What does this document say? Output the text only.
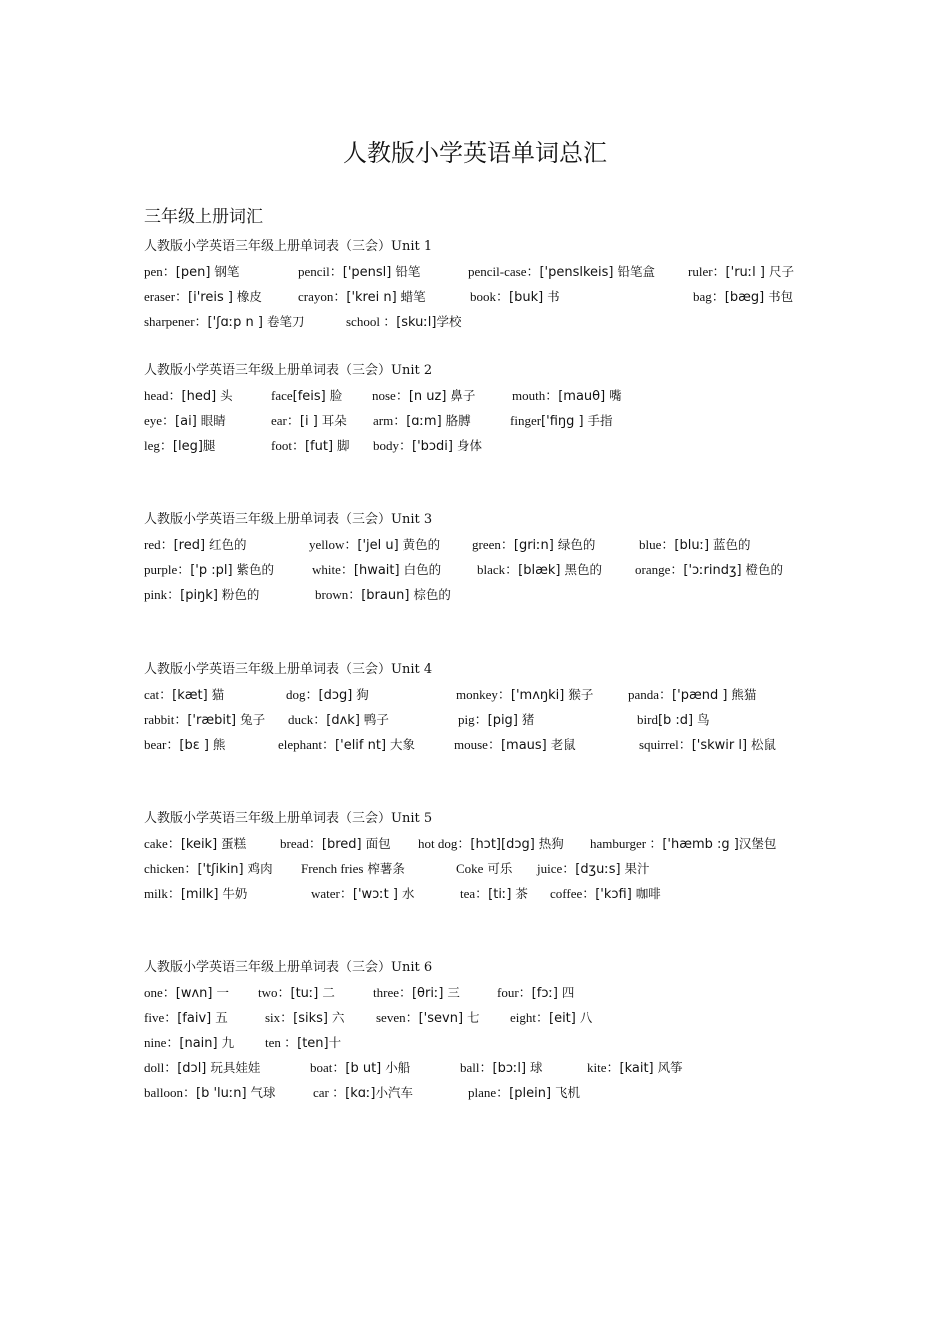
人教版小学英语单词总汇
三年级上册词汇
人教版小学英语三年级上册单词表（三会）Unit 1
pen：[pen] 钢笔	pencil：['pensl] 铅笔	pencil-case：['penslkeis] 铅笔盒	ruler：['ruːl ] 尺子
eraser：[i'reis ] 橡皮	crayon：['krei n] 蜡笔	book：[buk] 书	bag：[bæg] 书包
sharpener：['ʃɑːp n ] 卷笔刀	school ：[skuːl]学校
人教版小学英语三年级上册单词表（三会）Unit 2
head：[hed] 头	face[feis] 脸 nose：[n uz] 鼻子	mouth：[mauθ] 嘴
eye：[ai] 眼睛	ear：[i ] 耳朵 arm：[ɑːm] 胳膊	finger['fiŋg ] 手指
leg：[leg]腿	foot：[fut] 脚 body：['bɔdi] 身体
人教版小学英语三年级上册单词表（三会）Unit 3
red：[red] 红色的	yellow：['jel u] 黄色的 green：[griːn] 绿色的	blue：[bluː] 蓝色的
purple：['p :pl] 紫色的	white：[hwait] 白色的	black：[blæk] 黑色的	orange：['ɔːrindʒ] 橙色的
pink：[piŋk] 粉色的	brown：[braun] 棕色的
人教版小学英语三年级上册单词表（三会）Unit 4
cat：[kæt] 猫	dog：[dɔg] 狗	monkey：['mʌŋki] 猴子	panda：['pænd ] 熊猫
rabbit：['ræbit] 兔子 duck：[dʌk] 鸭子	pig：[pig] 猪	bird[b :d] 鸟
bear：[bɛ ] 熊	elephant：['elif nt] 大象	mouse：[maus] 老鼠	squirrel：['skwir l] 松鼠
人教版小学英语三年级上册单词表（三会）Unit 5
cake：[keik] 蛋糕	bread：[bred] 面包 hot dog：[hɔt][dɔg] 热狗 hamburger ：['hæmb :g ]汉堡包
chicken：['tʃikin] 鸡肉 French fries 榨薯条	Coke 可乐 juice：[dʒuːs] 果汁
milk：[milk] 牛奶	water：['wɔːt ] 水	tea：[tiː] 茶 coffee：['kɔfi] 咖啡
人教版小学英语三年级上册单词表（三会）Unit 6
one：[wʌn] 一 two：[tuː] 二	three：[θriː] 三	four：[fɔː] 四
five：[faiv] 五	six：[siks] 六 seven：['sevn] 七 eight：[eit] 八
nine：[nain] 九 ten ：[ten]十
doll：[dɔl] 玩具娃娃	boat：[b ut] 小船	ball：[bɔːl] 球	kite：[kait] 风筝
balloon：[b 'luːn] 气球	car ：[kɑː]小汽车	plane：[plein] 飞机
